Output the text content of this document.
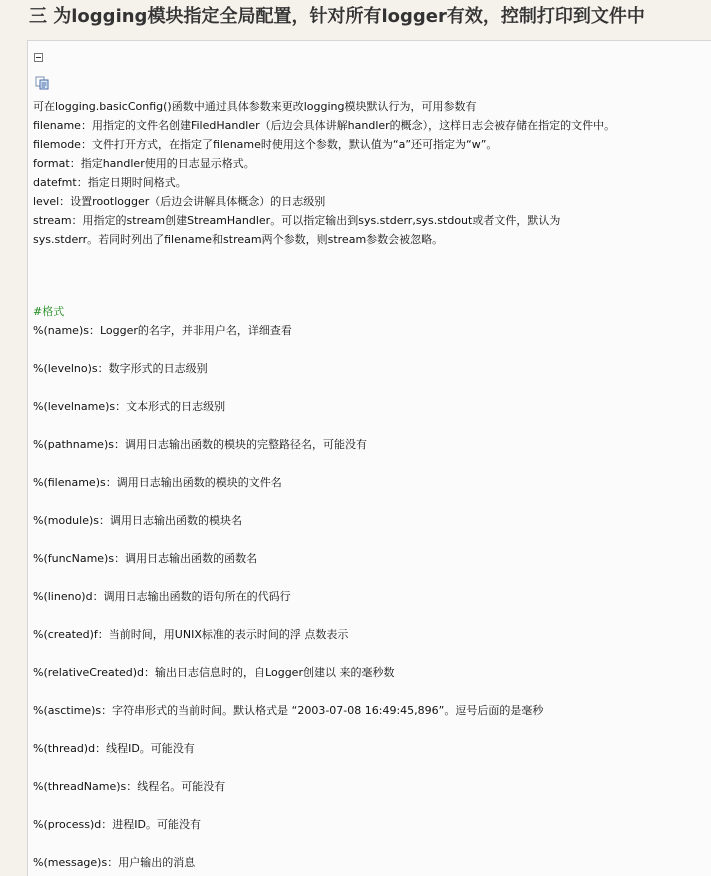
三 为logging模块指定全局配置，针对所有logger有效，控制打印到文件中
可在logging.basicConfig()函数中通过具体参数来更改logging模块默认行为，可用参数有
filename：用指定的文件名创建FiledHandler（后边会具体讲解handler的概念），这样日志会被存储在指定的文件中。
filemode：文件打开方式，在指定了filename时使用这个参数，默认值为“a”还可指定为“w”。
format：指定handler使用的日志显示格式。
datefmt：指定日期时间格式。
level：设置rootlogger（后边会讲解具体概念）的日志级别
stream：用指定的stream创建StreamHandler。可以指定输出到sys.stderr,sys.stdout或者文件，默认为
sys.stderr。若同时列出了filename和stream两个参数，则stream参数会被忽略。
#格式
%(name)s：Logger的名字，并非用户名，详细查看
%(levelno)s：数字形式的日志级别
%(levelname)s：文本形式的日志级别
%(pathname)s：调用日志输出函数的模块的完整路径名，可能没有
%(filename)s：调用日志输出函数的模块的文件名
%(module)s：调用日志输出函数的模块名
%(funcName)s：调用日志输出函数的函数名
%(lineno)d：调用日志输出函数的语句所在的代码行
%(created)f：当前时间，用UNIX标准的表示时间的浮 点数表示
%(relativeCreated)d：输出日志信息时的，自Logger创建以 来的毫秒数
%(asctime)s：字符串形式的当前时间。默认格式是 “2003-07-08 16:49:45,896”。逗号后面的是毫秒
%(thread)d：线程ID。可能没有
%(threadName)s：线程名。可能没有
%(process)d：进程ID。可能没有
%(message)s：用户输出的消息
